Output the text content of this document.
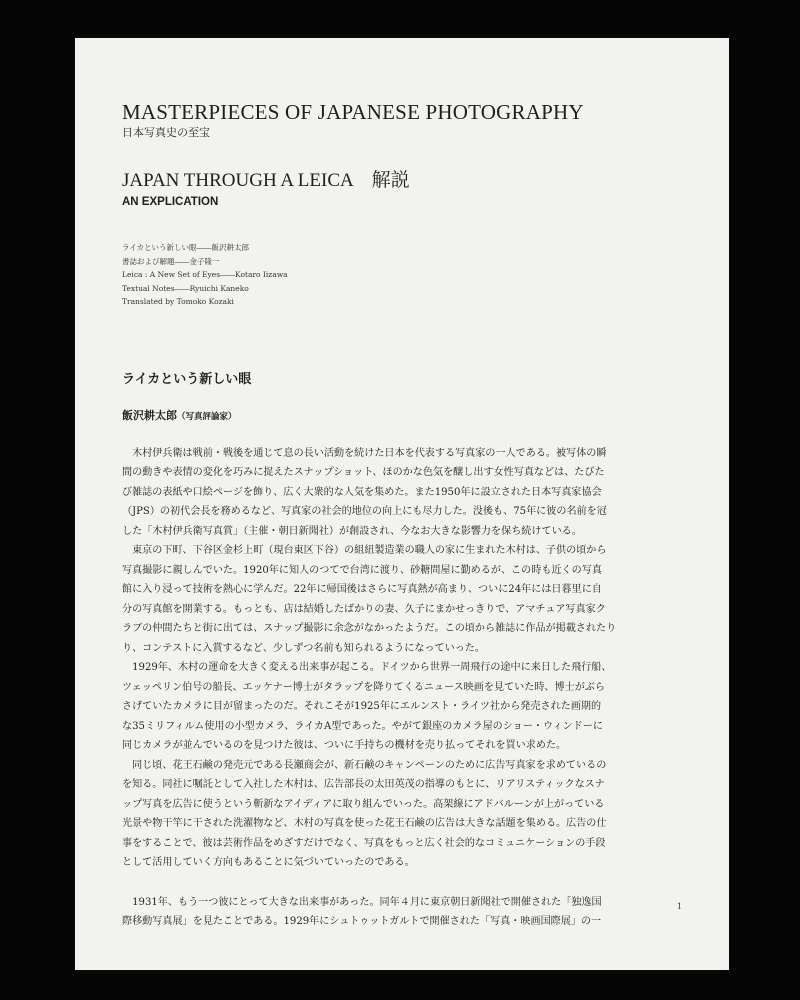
MASTERPIECES OF JAPANESE PHOTOGRAPHY
日本写真史の至宝
JAPAN THROUGH A LEICA　解説
AN EXPLICATION
ライカという新しい眼――飯沢耕太郎
書誌および解題――金子隆一
Leica : A New Set of Eyes――Kotaro Iizawa
Textual Notes――Ryuichi Kaneko
Translated by Tomoko Kozaki
ライカという新しい眼
飯沢耕太郎（写真評論家）
　木村伊兵衛は戦前・戦後を通じて息の長い活動を続けた日本を代表する写真家の一人である。被写体の瞬
間の動きや表情の変化を巧みに捉えたスナップショット、ほのかな色気を醸し出す女性写真などは、たびた
び雑誌の表紙や口絵ページを飾り、広く大衆的な人気を集めた。また1950年に設立された日本写真家協会
（JPS）の初代会長を務めるなど、写真家の社会的地位の向上にも尽力した。没後も、75年に彼の名前を冠
した「木村伊兵衛写真賞」（主催・朝日新聞社）が創設され、今なお大きな影響力を保ち続けている。
　東京の下町、下谷区金杉上町（現台東区下谷）の組紐製造業の職人の家に生まれた木村は、子供の頃から
写真撮影に親しんでいた。1920年に知人のつてで台湾に渡り、砂糖問屋に勤めるが、この時も近くの写真
館に入り浸って技術を熱心に学んだ。22年に帰国後はさらに写真熱が高まり、ついに24年には日暮里に自
分の写真館を開業する。もっとも、店は結婚したばかりの妻、久子にまかせっきりで、アマチュア写真家ク
ラブの仲間たちと街に出ては、スナップ撮影に余念がなかったようだ。この頃から雑誌に作品が掲載されたり
り、コンテストに入賞するなど、少しずつ名前も知られるようになっていった。
　1929年、木村の運命を大きく変える出来事が起こる。ドイツから世界一周飛行の途中に来日した飛行船、
ツェッペリン伯号の船長、エッケナー博士がタラップを降りてくるニュース映画を見ていた時、博士がぶら
さげていたカメラに目が留まったのだ。それこそが1925年にエルンスト・ライツ社から発売された画期的
な35ミリフィルム使用の小型カメラ、ライカA型であった。やがて銀座のカメラ屋のショー・ウィンドーに
同じカメラが並んでいるのを見つけた彼は、ついに手持ちの機材を売り払ってそれを買い求めた。
　同じ頃、花王石鹸の発売元である長瀬商会が、新石鹸のキャンペーンのために広告写真家を求めているの
を知る。同社に嘱託として入社した木村は、広告部長の太田英茂の指導のもとに、リアリスティックなスナ
ップ写真を広告に使うという斬新なアイディアに取り組んでいった。高架線にアドバルーンが上がっている
光景や物干竿に干された洗濯物など、木村の写真を使った花王石鹸の広告は大きな話題を集める。広告の仕
事をすることで、彼は芸術作品をめざすだけでなく、写真をもっと広く社会的なコミュニケーションの手段
として活用していく方向もあることに気づいていったのである。
　1931年、もう一つ彼にとって大きな出来事があった。同年４月に東京朝日新聞社で開催された「独逸国
際移動写真展」を見たことである。1929年にシュトゥットガルトで開催された「写真・映画国際展」の一
1
